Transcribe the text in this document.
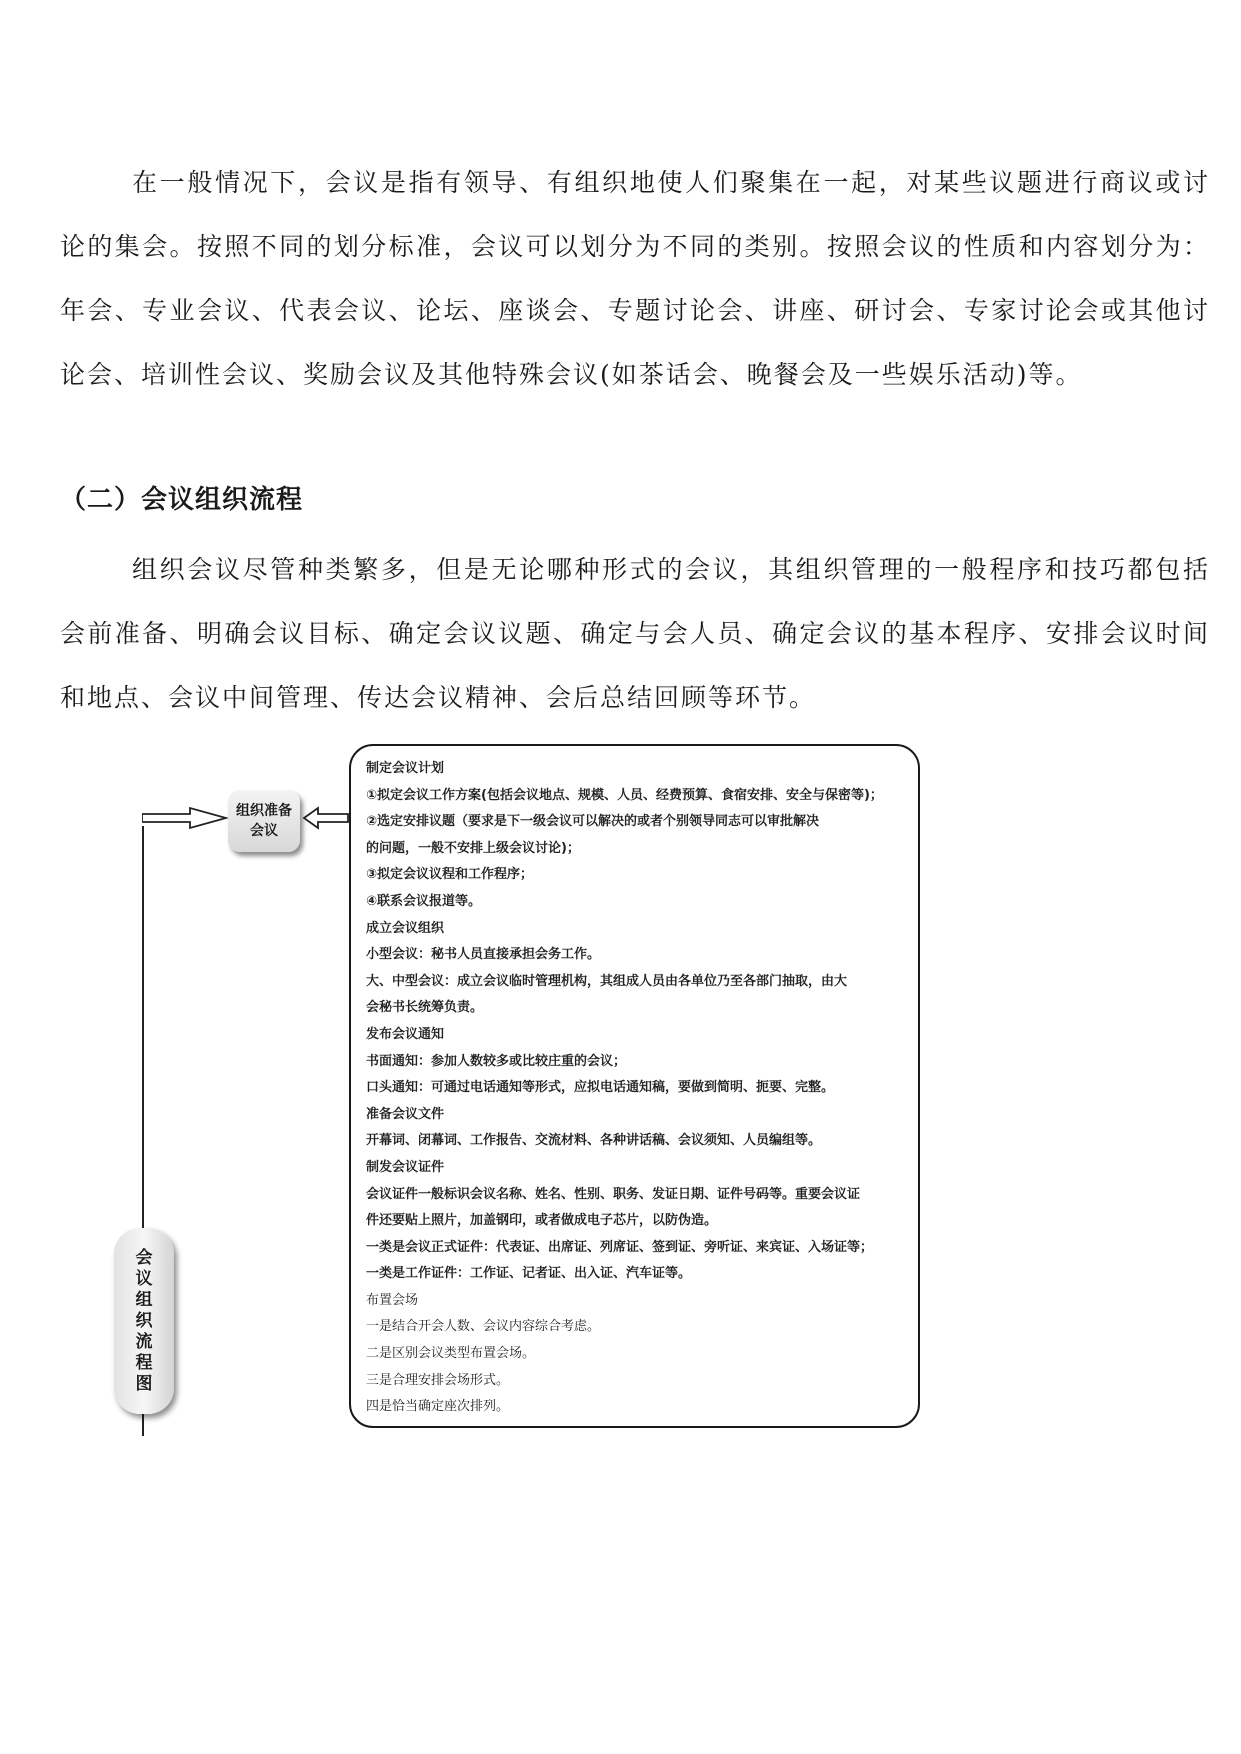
在一般情况下，会议是指有领导、有组织地使人们聚集在一起，对某些议题进行商议或讨论的集会。按照不同的划分标准，会议可以划分为不同的类别。按照会议的性质和内容划分为：年会、专业会议、代表会议、论坛、座谈会、专题讨论会、讲座、研讨会、专家讨论会或其他讨论会、培训性会议、奖励会议及其他特殊会议(如茶话会、晚餐会及一些娱乐活动)等。

（二）会议组织流程

组织会议尽管种类繁多，但是无论哪种形式的会议，其组织管理的一般程序和技巧都包括会前准备、明确会议目标、确定会议议题、确定与会人员、确定会议的基本程序、安排会议时间和地点、会议中间管理、传达会议精神、会后总结回顾等环节。

组织准备会议
会议组织流程图
制定会议计划
①拟定会议工作方案(包括会议地点、规模、人员、经费预算、食宿安排、安全与保密等)；
②选定安排议题（要求是下一级会议可以解决的或者个别领导同志可以审批解决
的问题，一般不安排上级会议讨论)；
③拟定会议议程和工作程序；
④联系会议报道等。
成立会议组织
小型会议：秘书人员直接承担会务工作。
大、中型会议：成立会议临时管理机构，其组成人员由各单位乃至各部门抽取，由大
会秘书长统筹负责。
发布会议通知
书面通知：参加人数较多或比较庄重的会议；
口头通知：可通过电话通知等形式，应拟电话通知稿，要做到简明、扼要、完整。
准备会议文件
开幕词、闭幕词、工作报告、交流材料、各种讲话稿、会议须知、人员编组等。
制发会议证件
会议证件一般标识会议名称、姓名、性别、职务、发证日期、证件号码等。重要会议证
件还要贴上照片，加盖钢印，或者做成电子芯片，以防伪造。
一类是会议正式证件：代表证、出席证、列席证、签到证、旁听证、来宾证、入场证等；
一类是工作证件：工作证、记者证、出入证、汽车证等。
布置会场
一是结合开会人数、会议内容综合考虑。
二是区别会议类型布置会场。
三是合理安排会场形式。
四是恰当确定座次排列。
